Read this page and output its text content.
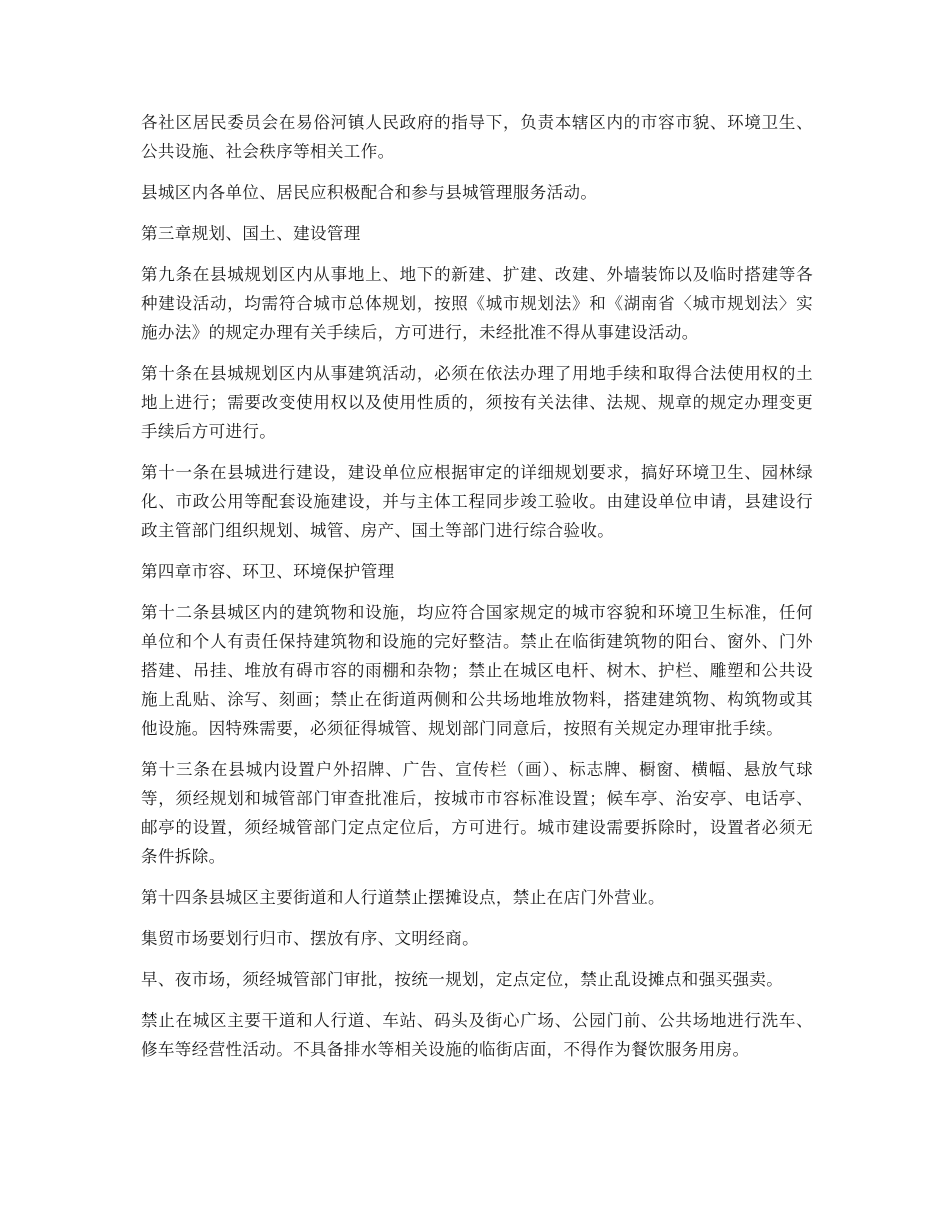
各社区居民委员会在易俗河镇人民政府的指导下，负责本辖区内的市容市貌、环境卫生、公共设施、社会秩序等相关工作。

县城区内各单位、居民应积极配合和参与县城管理服务活动。

第三章规划、国土、建设管理

第九条在县城规划区内从事地上、地下的新建、扩建、改建、外墙装饰以及临时搭建等各种建设活动，均需符合城市总体规划，按照《城市规划法》和《湖南省〈城市规划法〉实施办法》的规定办理有关手续后，方可进行，未经批准不得从事建设活动。

第十条在县城规划区内从事建筑活动，必须在依法办理了用地手续和取得合法使用权的土地上进行；需要改变使用权以及使用性质的，须按有关法律、法规、规章的规定办理变更手续后方可进行。

第十一条在县城进行建设，建设单位应根据审定的详细规划要求，搞好环境卫生、园林绿化、市政公用等配套设施建设，并与主体工程同步竣工验收。由建设单位申请，县建设行政主管部门组织规划、城管、房产、国土等部门进行综合验收。

第四章市容、环卫、环境保护管理

第十二条县城区内的建筑物和设施，均应符合国家规定的城市容貌和环境卫生标准，任何单位和个人有责任保持建筑物和设施的完好整洁。禁止在临街建筑物的阳台、窗外、门外搭建、吊挂、堆放有碍市容的雨棚和杂物；禁止在城区电杆、树木、护栏、雕塑和公共设施上乱贴、涂写、刻画；禁止在街道两侧和公共场地堆放物料，搭建建筑物、构筑物或其他设施。因特殊需要，必须征得城管、规划部门同意后，按照有关规定办理审批手续。

第十三条在县城内设置户外招牌、广告、宣传栏（画）、标志牌、橱窗、横幅、悬放气球等，须经规划和城管部门审查批准后，按城市市容标准设置；候车亭、治安亭、电话亭、邮亭的设置，须经城管部门定点定位后，方可进行。城市建设需要拆除时，设置者必须无条件拆除。

第十四条县城区主要街道和人行道禁止摆摊设点，禁止在店门外营业。

集贸市场要划行归市、摆放有序、文明经商。

早、夜市场，须经城管部门审批，按统一规划，定点定位，禁止乱设摊点和强买强卖。

禁止在城区主要干道和人行道、车站、码头及街心广场、公园门前、公共场地进行洗车、修车等经营性活动。不具备排水等相关设施的临街店面，不得作为餐饮服务用房。
